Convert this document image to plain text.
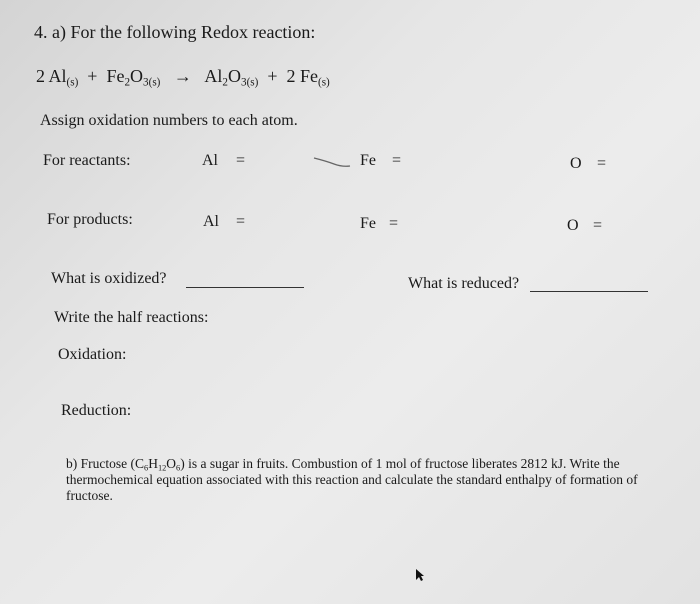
4. a) For the following Redox reaction:
2 $Al_{(s)} + Fe_2O_{3(s)} \to Al_2O_{3(s)} + 2$ $Fe_{(s)}$
Assign oxidation numbers to each atom.
For reactants:	Al =	Fe =	O =
For products:	Al =	Fe =	O =
What is oxidized?	What is reduced?
Write the half reactions:
Oxidation:
Reduction:
b) Fructose $(C_6H_{12}O_6)$ is a sugar in fruits. Combustion of 1 mol of fructose liberates 2812 kJ. Write the thermochemical equation associated with this reaction and calculate the standard enthalpy of formation of fructose.
